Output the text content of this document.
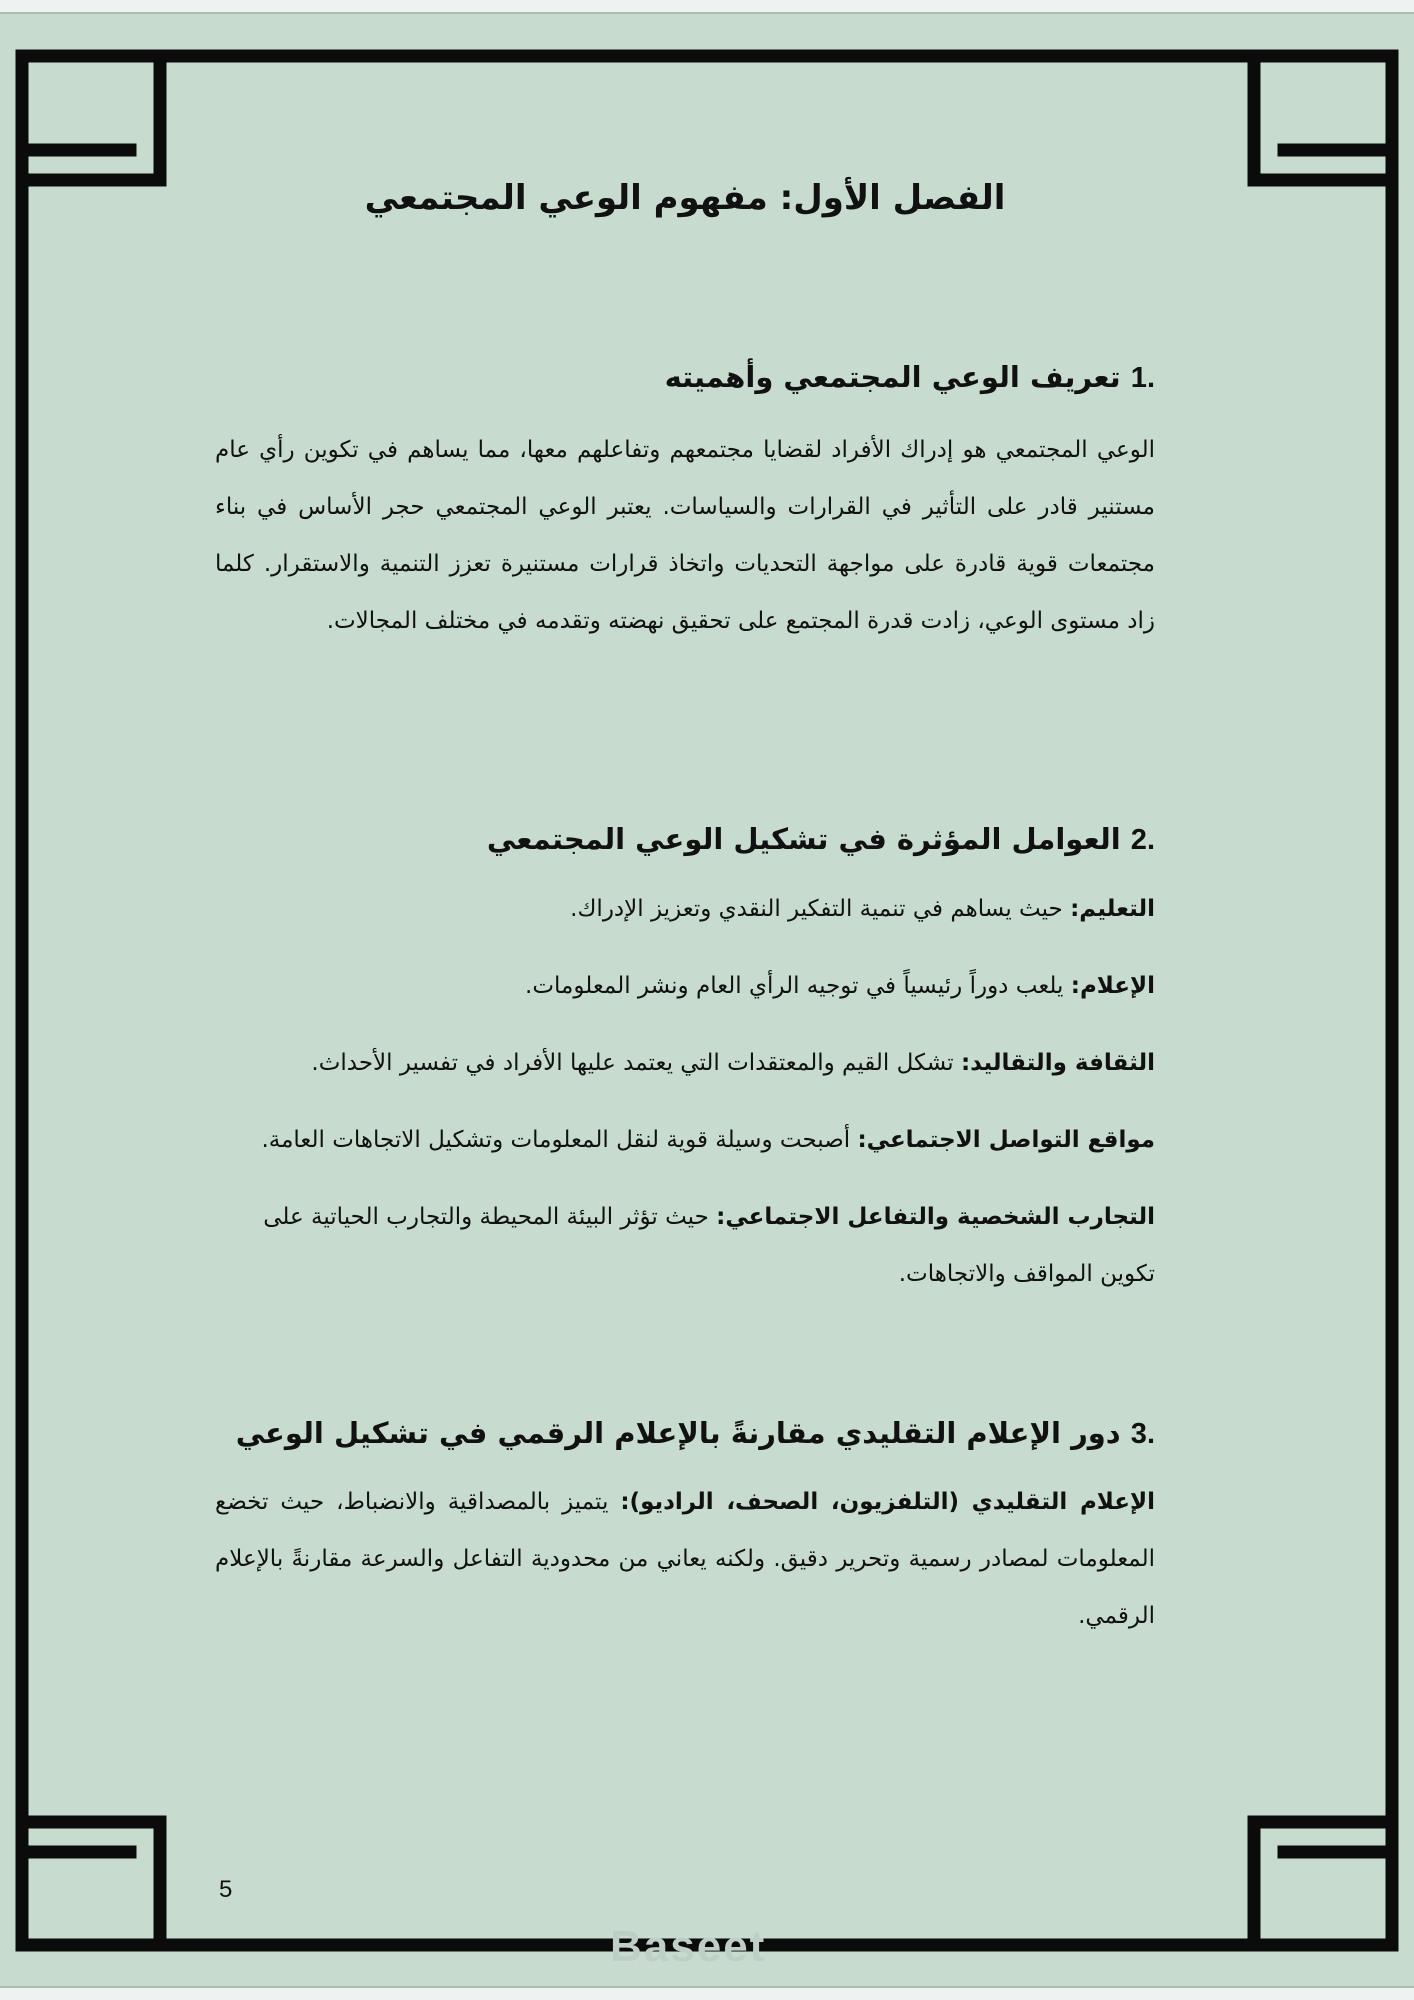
الفصل الأول: مفهوم الوعي المجتمعي
.1 تعريف الوعي المجتمعي وأهميته

الوعي المجتمعي هو إدراك الأفراد لقضايا مجتمعهم وتفاعلهم معها، مما يساهم في تكوين رأي عام مستنير قادر على التأثير في القرارات والسياسات. يعتبر الوعي المجتمعي حجر الأساس في بناء مجتمعات قوية قادرة على مواجهة التحديات واتخاذ قرارات مستنيرة تعزز التنمية والاستقرار. كلما زاد مستوى الوعي، زادت قدرة المجتمع على تحقيق نهضته وتقدمه في مختلف المجالات.

.2 العوامل المؤثرة في تشكيل الوعي المجتمعي
التعليم: حيث يساهم في تنمية التفكير النقدي وتعزيز الإدراك.
الإعلام: يلعب دوراً رئيسياً في توجيه الرأي العام ونشر المعلومات.
الثقافة والتقاليد: تشكل القيم والمعتقدات التي يعتمد عليها الأفراد في تفسير الأحداث.
مواقع التواصل الاجتماعي: أصبحت وسيلة قوية لنقل المعلومات وتشكيل الاتجاهات العامة.
التجارب الشخصية والتفاعل الاجتماعي: حيث تؤثر البيئة المحيطة والتجارب الحياتية على تكوين المواقف والاتجاهات.
.3 دور الإعلام التقليدي مقارنةً بالإعلام الرقمي في تشكيل الوعي
الإعلام التقليدي (التلفزيون، الصحف، الراديو): يتميز بالمصداقية والانضباط، حيث تخضع المعلومات لمصادر رسمية وتحرير دقيق. ولكنه يعاني من محدودية التفاعل والسرعة مقارنةً بالإعلام الرقمي.
5
Baseet
